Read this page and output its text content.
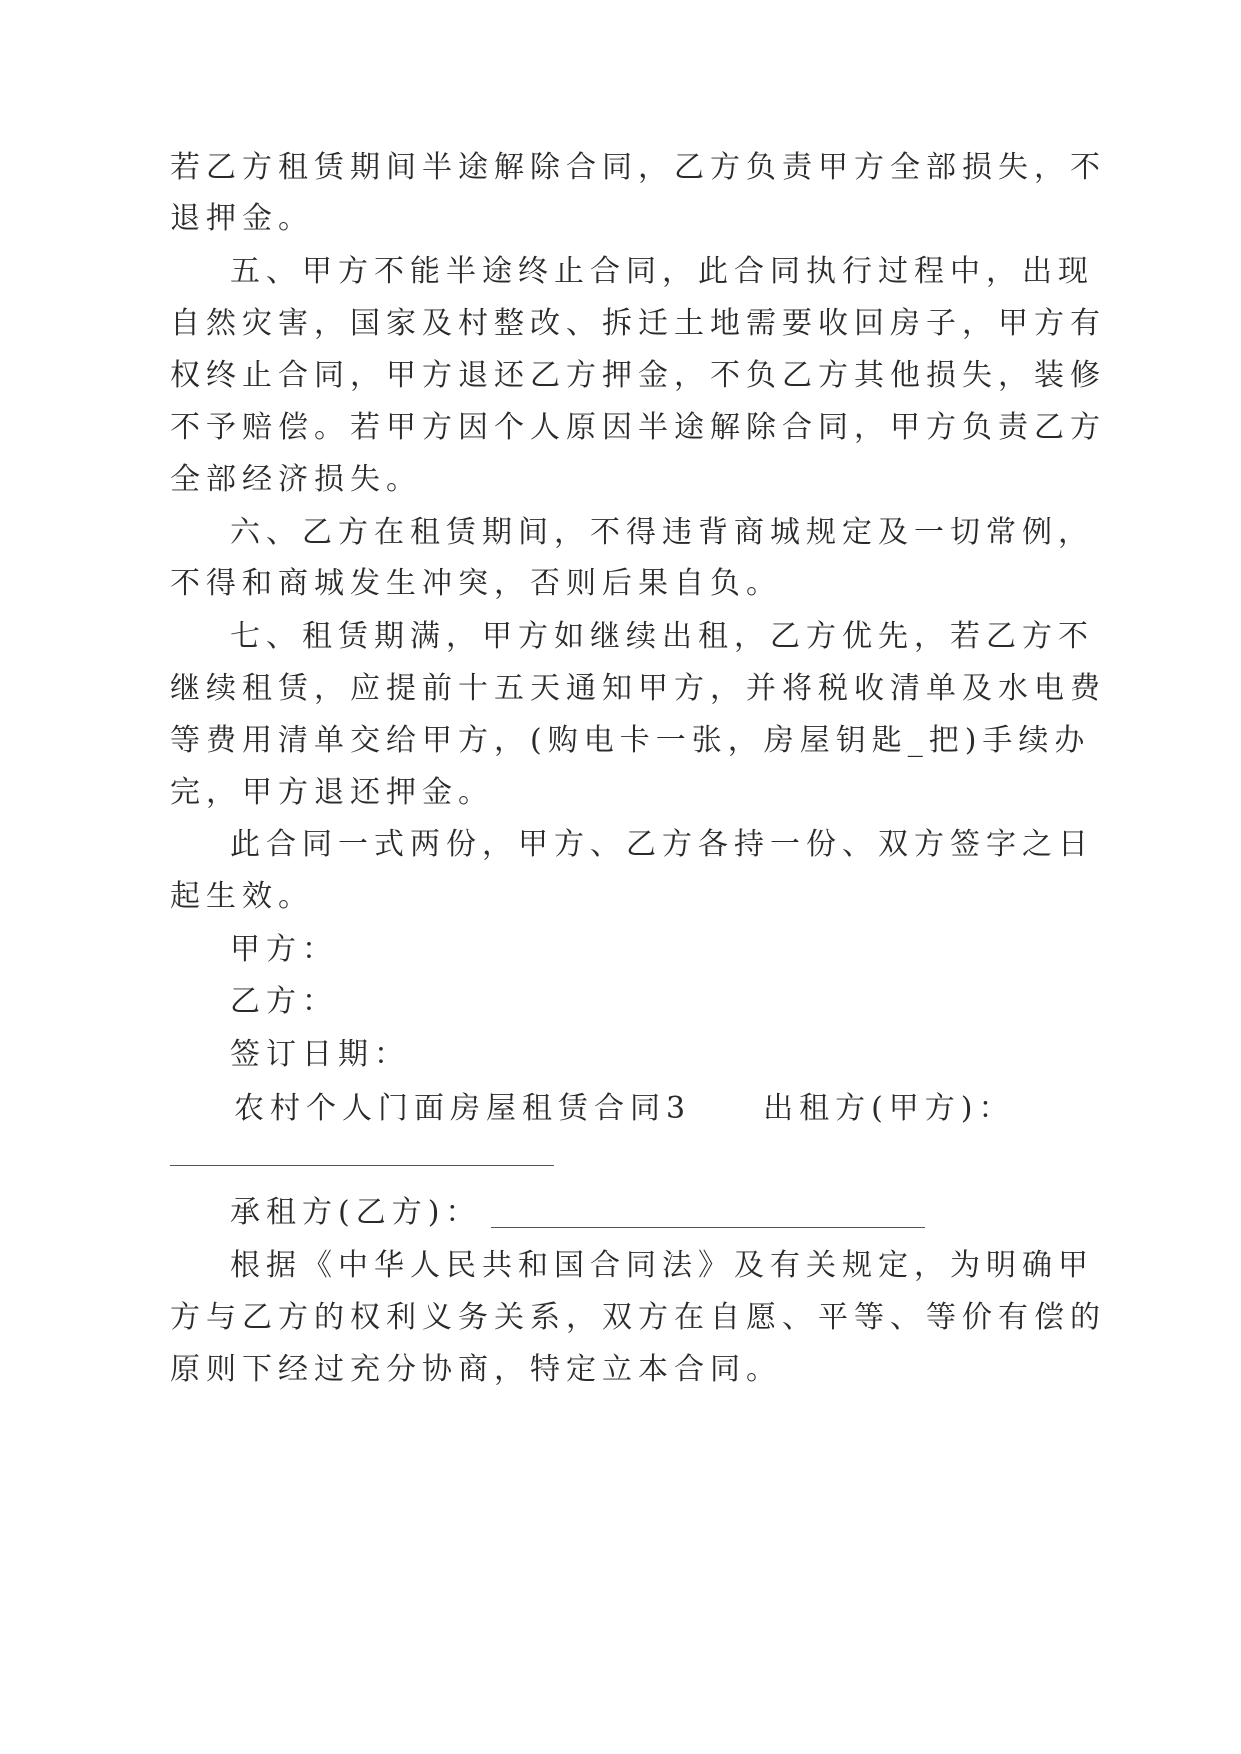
若乙方租赁期间半途解除合同，乙方负责甲方全部损失，不
退押金。
五、甲方不能半途终止合同，此合同执行过程中，出现
自然灾害，国家及村整改、拆迁土地需要收回房子，甲方有
权终止合同，甲方退还乙方押金，不负乙方其他损失，装修
不予赔偿。若甲方因个人原因半途解除合同，甲方负责乙方
全部经济损失。
六、乙方在租赁期间，不得违背商城规定及一切常例，
不得和商城发生冲突，否则后果自负。
七、租赁期满，甲方如继续出租，乙方优先，若乙方不
继续租赁，应提前十五天通知甲方，并将税收清单及水电费
等费用清单交给甲方，(购电卡一张，房屋钥匙_把)手续办
完，甲方退还押金。
此合同一式两份，甲方、乙方各持一份、双方签字之日
起生效。
甲方：
乙方：
签订日期：
农村个人门面房屋租赁合同3 出租方(甲方)：
承租方(乙方)：
根据《中华人民共和国合同法》及有关规定，为明确甲
方与乙方的权利义务关系，双方在自愿、平等、等价有偿的
原则下经过充分协商，特定立本合同。
